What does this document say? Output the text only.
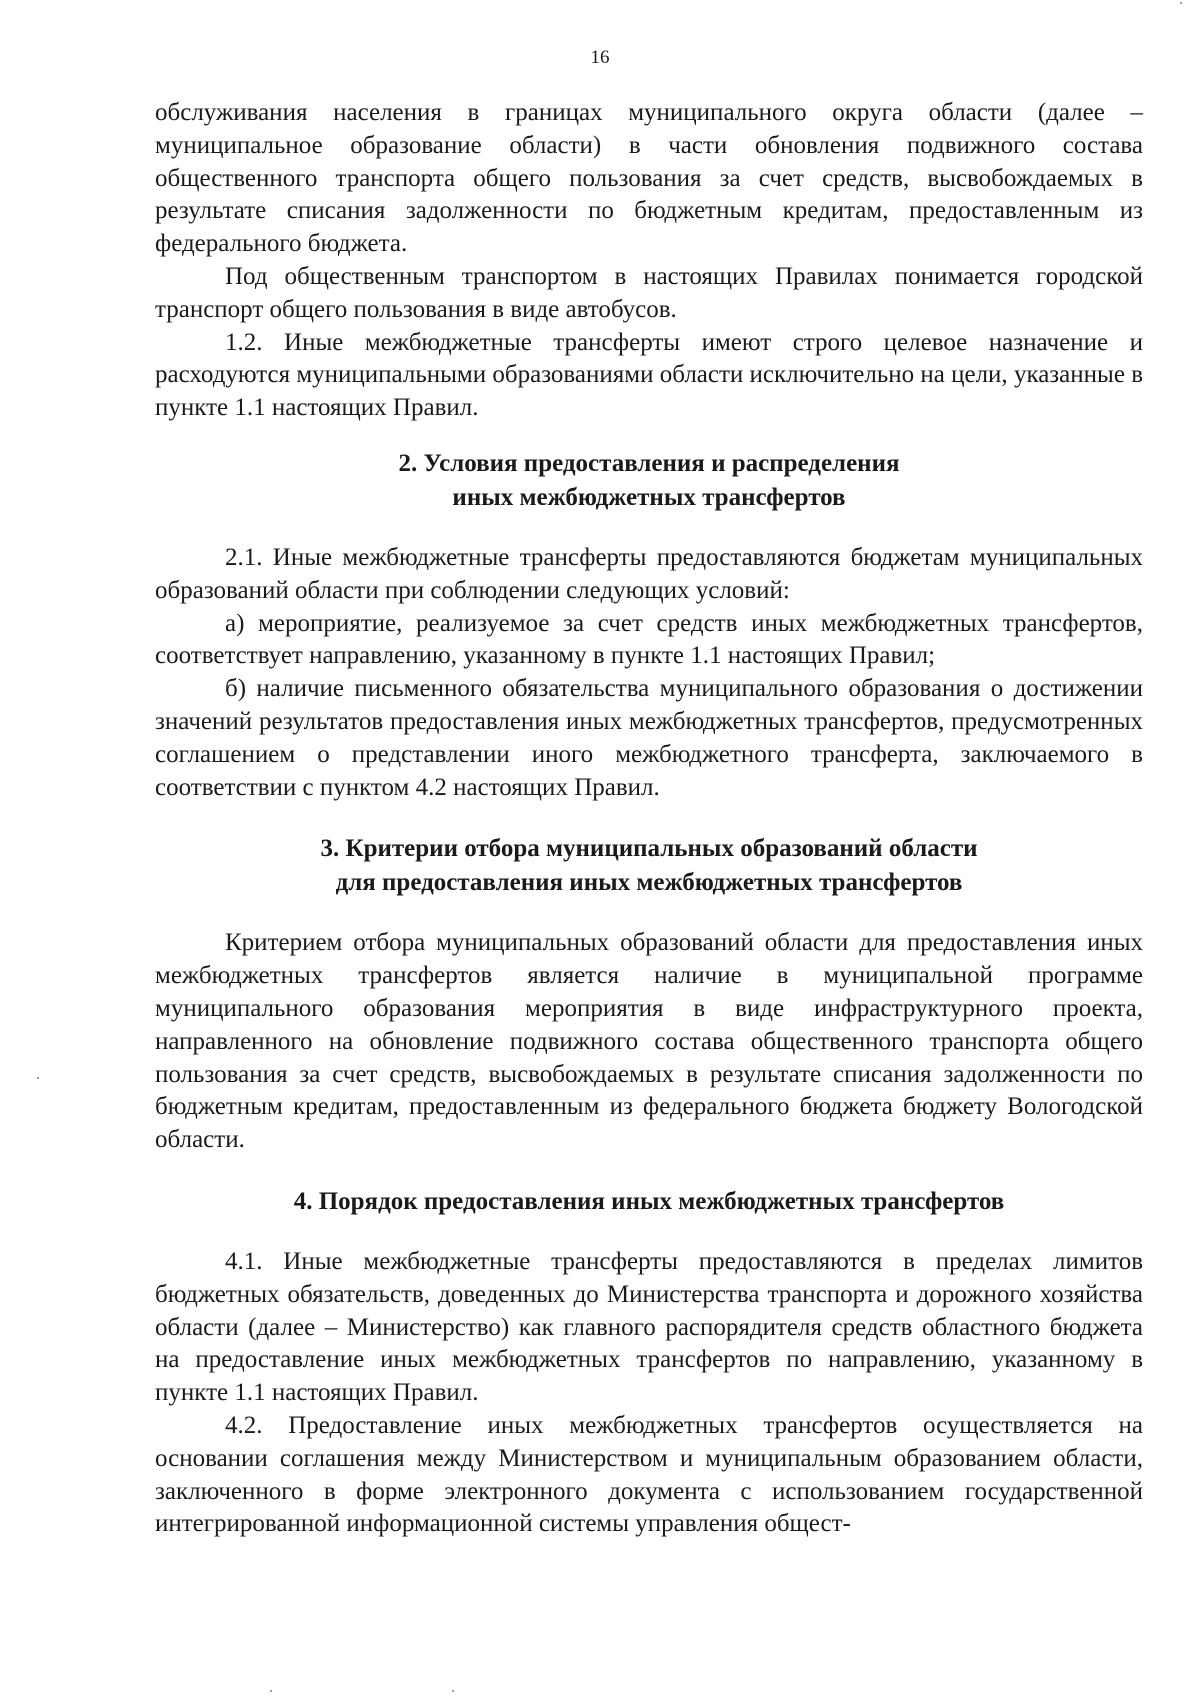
16

обслуживания населения в границах муниципального округа области (далее – муниципальное образование области) в части обновления подвижного состава общественного транспорта общего пользования за счет средств, высвобождаемых в результате списания задолженности по бюджетным кредитам, предоставленным из федерального бюджета.

Под общественным транспортом в настоящих Правилах понимается городской транспорт общего пользования в виде автобусов.

1.2. Иные межбюджетные трансферты имеют строго целевое назначение и расходуются муниципальными образованиями области исключительно на цели, указанные в пункте 1.1 настоящих Правил.

2. Условия предоставления и распределения
иных межбюджетных трансфертов

2.1. Иные межбюджетные трансферты предоставляются бюджетам муниципальных образований области при соблюдении следующих условий:

а) мероприятие, реализуемое за счет средств иных межбюджетных трансфертов, соответствует направлению, указанному в пункте 1.1 настоящих Правил;

б) наличие письменного обязательства муниципального образования о достижении значений результатов предоставления иных межбюджетных трансфертов, предусмотренных соглашением о представлении иного межбюджетного трансферта, заключаемого в соответствии с пунктом 4.2 настоящих Правил.

3. Критерии отбора муниципальных образований области
для предоставления иных межбюджетных трансфертов

Критерием отбора муниципальных образований области для предоставления иных межбюджетных трансфертов является наличие в муниципальной программе муниципального образования мероприятия в виде инфраструктурного проекта, направленного на обновление подвижного состава общественного транспорта общего пользования за счет средств, высвобождаемых в результате списания задолженности по бюджетным кредитам, предоставленным из федерального бюджета бюджету Вологодской области.

4. Порядок предоставления иных межбюджетных трансфертов

4.1. Иные межбюджетные трансферты предоставляются в пределах лимитов бюджетных обязательств, доведенных до Министерства транспорта и дорожного хозяйства области (далее – Министерство) как главного распорядителя средств областного бюджета на предоставление иных межбюджетных трансфертов по направлению, указанному в пункте 1.1 настоящих Правил.

4.2. Предоставление иных межбюджетных трансфертов осуществляется на основании соглашения между Министерством и муниципальным образованием области, заключенного в форме электронного документа с использованием государственной интегрированной информационной системы управления общест-
